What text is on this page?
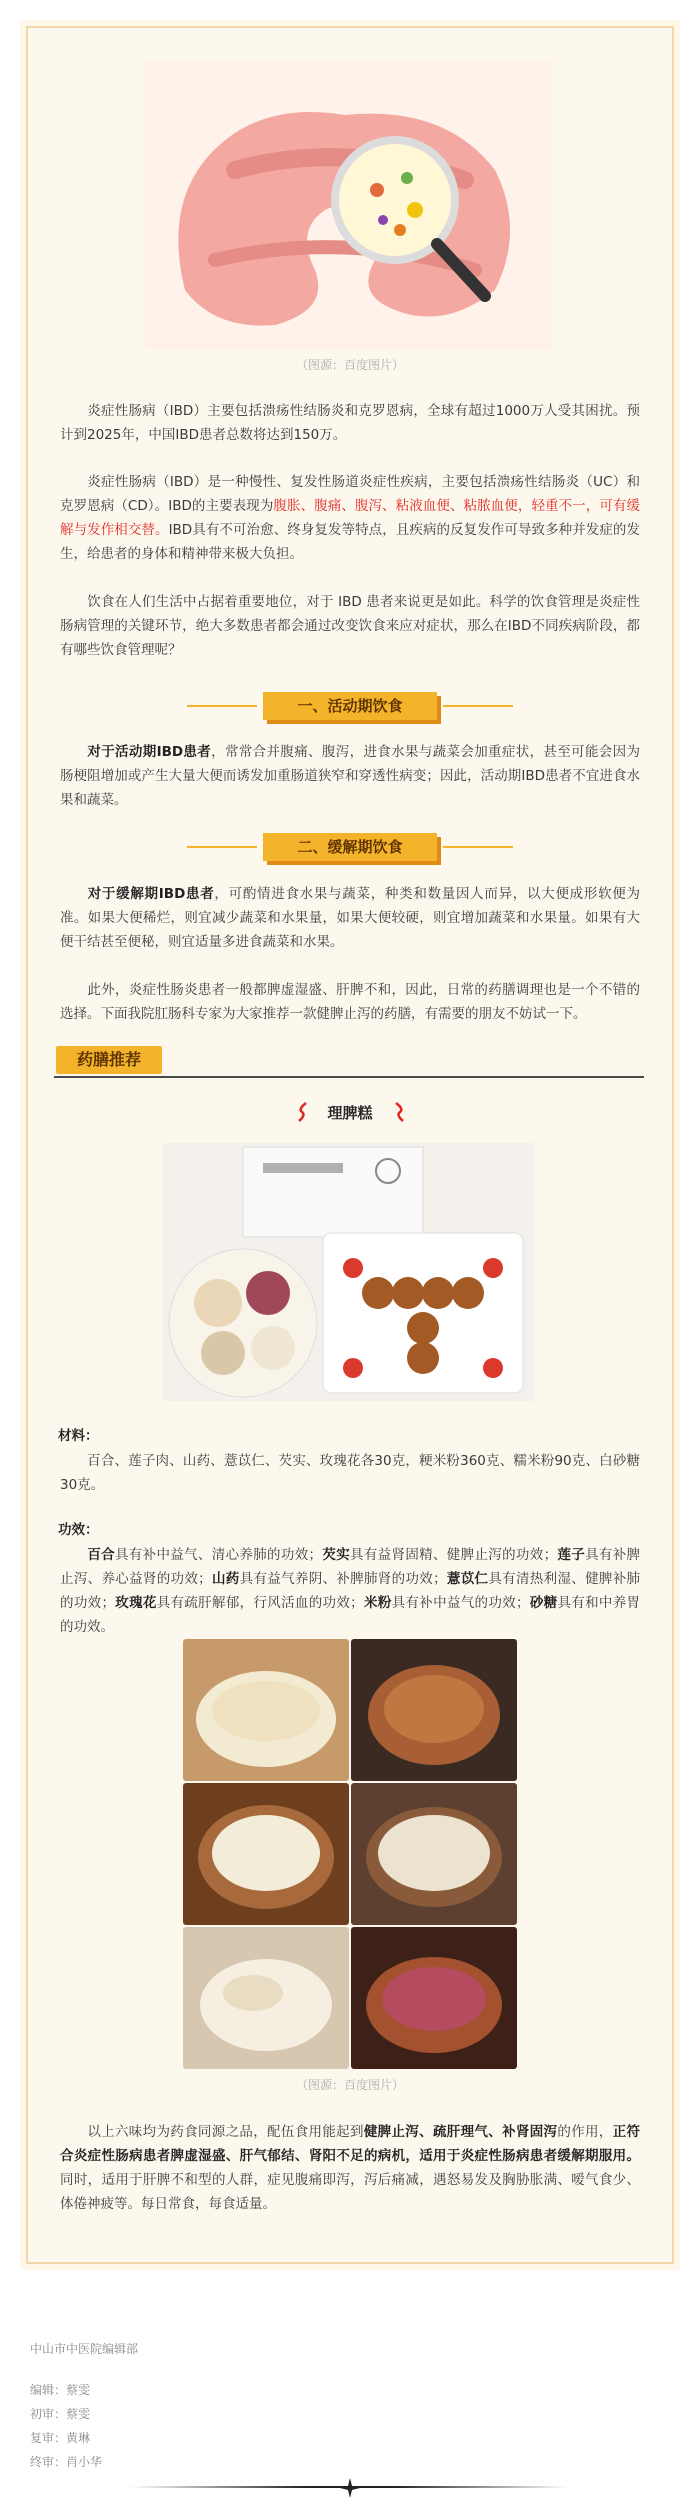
（图源：百度图片）
炎症性肠病（IBD）主要包括溃疡性结肠炎和克罗恩病，全球有超过1000万人受其困扰。预计到2025年，中国IBD患者总数将达到150万。
炎症性肠病（IBD）是一种慢性、复发性肠道炎症性疾病，主要包括溃疡性结肠炎（UC）和克罗恩病（CD）。IBD的主要表现为腹胀、腹痛、腹泻、粘液血便、粘脓血便，轻重不一，可有缓解与发作相交替。IBD具有不可治愈、终身复发等特点，且疾病的反复发作可导致多种并发症的发生，给患者的身体和精神带来极大负担。
饮食在人们生活中占据着重要地位，对于 IBD 患者来说更是如此。科学的饮食管理是炎症性肠病管理的关键环节，绝大多数患者都会通过改变饮食来应对症状，那么在IBD不同疾病阶段，都有哪些饮食管理呢？
一、活动期饮食
对于活动期IBD患者，常常合并腹痛、腹泻，进食水果与蔬菜会加重症状，甚至可能会因为肠梗阻增加或产生大量大便而诱发加重肠道狭窄和穿透性病变；因此，活动期IBD患者不宜进食水果和蔬菜。
二、缓解期饮食
对于缓解期IBD患者，可酌情进食水果与蔬菜，种类和数量因人而异，以大便成形软便为准。如果大便稀烂，则宜减少蔬菜和水果量，如果大便较硬，则宜增加蔬菜和水果量。如果有大便干结甚至便秘，则宜适量多进食蔬菜和水果。
此外，炎症性肠炎患者一般都脾虚湿盛、肝脾不和，因此，日常的药膳调理也是一个不错的选择。下面我院肛肠科专家为大家推荐一款健脾止泻的药膳，有需要的朋友不妨试一下。
药膳推荐
理脾糕
材料：
百合、莲子肉、山药、薏苡仁、芡实、玫瑰花各30克，粳米粉360克、糯米粉90克、白砂糖30克。
功效：
百合具有补中益气、清心养肺的功效；芡实具有益肾固精、健脾止泻的功效；莲子具有补脾止泻、养心益肾的功效；山药具有益气养阴、补脾肺肾的功效；薏苡仁具有清热利湿、健脾补肺的功效；玫瑰花具有疏肝解郁，行风活血的功效；米粉具有补中益气的功效；砂糖具有和中养胃的功效。
（图源：百度图片）
以上六味均为药食同源之品，配伍食用能起到健脾止泻、疏肝理气、补肾固泻的作用，正符合炎症性肠病患者脾虚湿盛、肝气郁结、肾阳不足的病机，适用于炎症性肠病患者缓解期服用。同时，适用于肝脾不和型的人群，症见腹痛即泻，泻后痛减，遇怒易发及胸胁胀满、嗳气食少、体倦神疲等。每日常食，每食适量。
中山市中医院编辑部
编辑：蔡雯
初审：蔡雯
复审：黄琳
终审：肖小华
